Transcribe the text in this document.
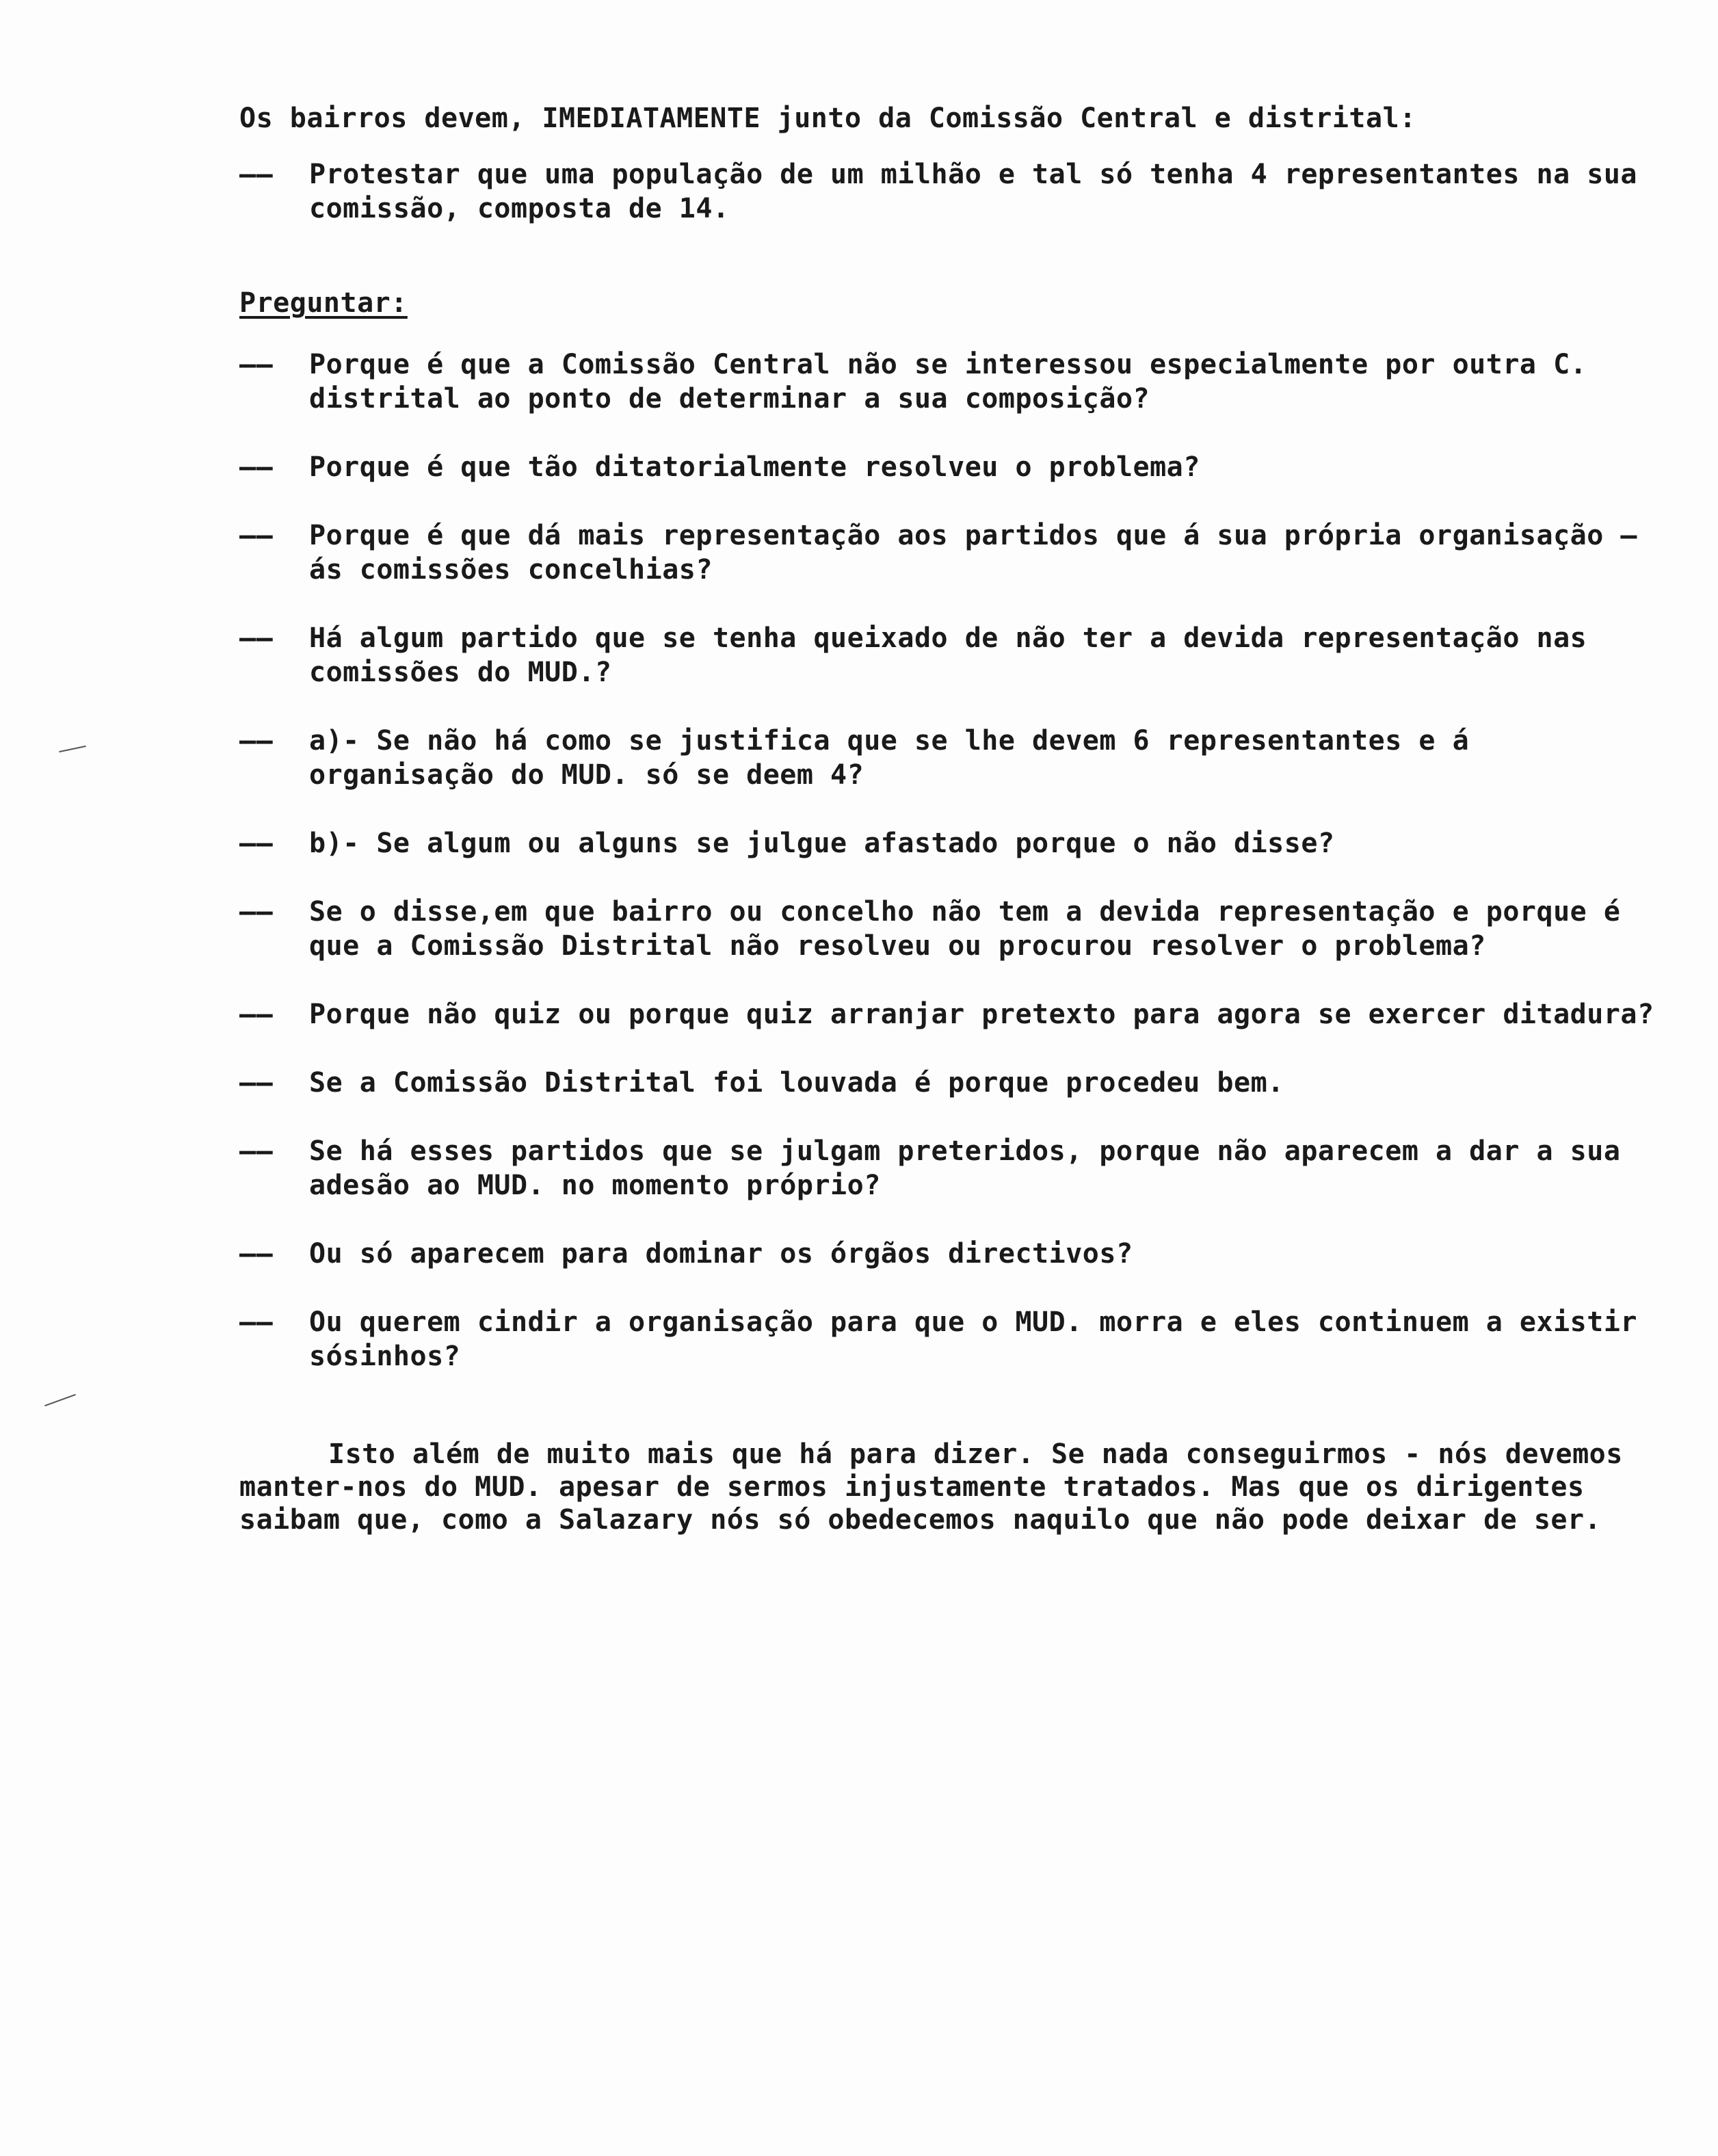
Os bairros devem, IMEDIATAMENTE junto da Comissão Central e distrital:

——	Protestar que uma população de um milhão e tal só tenha 4 representantes na sua comissão, composta de 14.

Preguntar:

——	Porque é que a Comissão Central não se interessou especialmente por outra C. distrital ao ponto de determinar a sua composição?
——	Porque é que tão ditatorialmente resolveu o problema?
——	Porque é que dá mais representação aos partidos que á sua própria organisação — ás comissões concelhias?
——	Há algum partido que se tenha queixado de não ter a devida representação nas comissões do MUD.?
——	a)- Se não há como se justifica que se lhe devem 6 representantes e á organisação do MUD. só se deem 4?
——	b)- Se algum ou alguns se julgue afastado porque o não disse?
——	Se o disse,em que bairro ou concelho não tem a devida representação e porque é que a Comissão Distrital não resolveu ou procurou resolver o problema?
——	Porque não quiz ou porque quiz arranjar pretexto para agora se exercer ditadura?
——	Se a Comissão Distrital foi louvada é porque procedeu bem.
——	Se há esses partidos que se julgam preteridos, porque não aparecem a dar a sua adesão ao MUD. no momento próprio?
——	Ou só aparecem para dominar os órgãos directivos?
——	Ou querem cindir a organisação para que o MUD. morra e eles continuem a existir sósinhos?

Isto além de muito mais que há para dizer. Se nada conseguirmos - nós devemos manter-nos do MUD. apesar de sermos injustamente tratados. Mas que os dirigentes saibam que, como a Salazary nós só obedecemos naquilo que não pode deixar de ser.
